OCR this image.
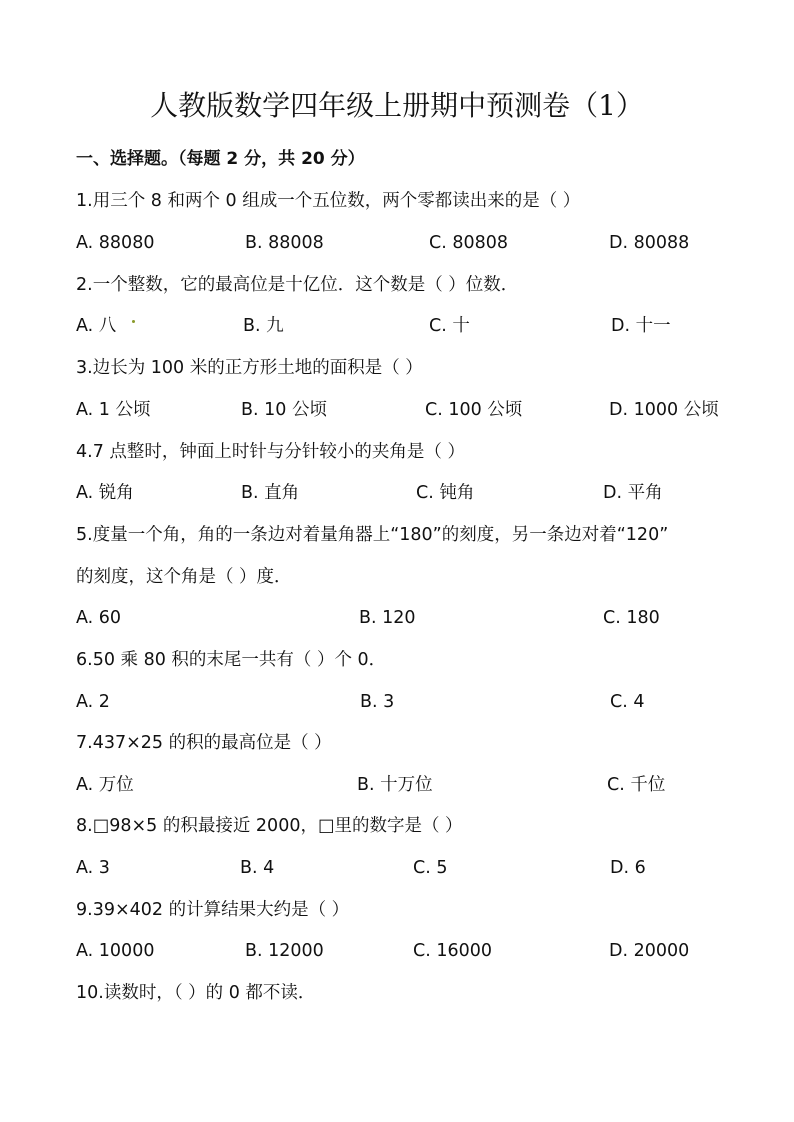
人教版数学四年级上册期中预测卷（1）
一、选择题。（每题 2 分，共 20 分）
1.用三个 8 和两个 0 组成一个五位数，两个零都读出来的是（ ）
A. 88080	B. 88008	C. 80808	D. 80088
2.一个整数，它的最高位是十亿位．这个数是（ ）位数．
A. 八	B. 九	C. 十	D. 十一
3.边长为 100 米的正方形土地的面积是（ ）
A. 1 公顷	B. 10 公顷	C. 100 公顷	D. 1000 公顷
4.7 点整时，钟面上时针与分针较小的夹角是（ ）
A. 锐角	B. 直角	C. 钝角	D. 平角
5.度量一个角，角的一条边对着量角器上“180”的刻度，另一条边对着“120”
的刻度，这个角是（ ）度．
A. 60	B. 120	C. 180
6.50 乘 80 积的末尾一共有（ ）个 0．
A. 2	B. 3	C. 4
7.437×25 的积的最高位是（ ）
A. 万位	B. 十万位	C. 千位
8.□98×5 的积最接近 2000，□里的数字是（ ）
A. 3	B. 4	C. 5	D. 6
9.39×402 的计算结果大约是（ ）
A. 10000	B. 12000	C. 16000	D. 20000
10.读数时，（ ）的 0 都不读．
